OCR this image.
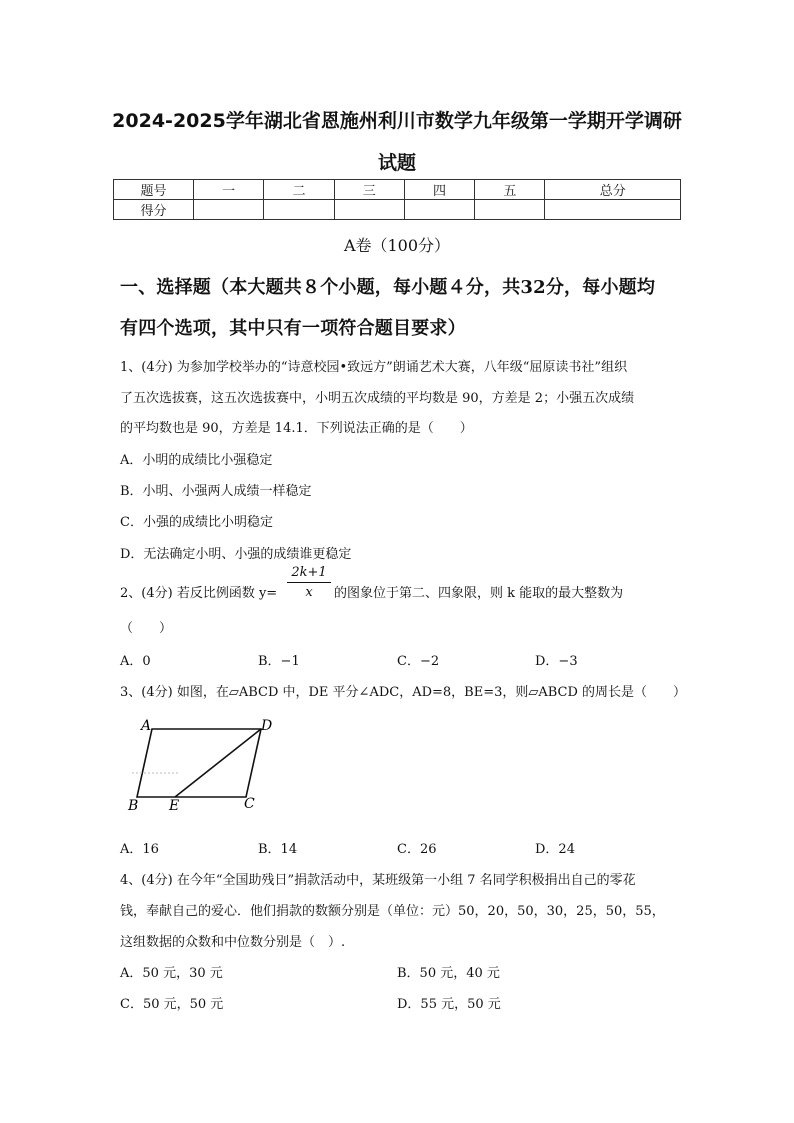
2024-2025学年湖北省恩施州利川市数学九年级第一学期开学调研
试题
题号	一	二	三	四	五	总分
得分						
A卷（100分）
一、选择题（本大题共８个小题，每小题４分，共32分，每小题均
有四个选项，其中只有一项符合题目要求）
1、(4分) 为参加学校举办的“诗意校园•致远方”朗诵艺术大赛，八年级“屈原读书社”组织
了五次选拔赛，这五次选拔赛中，小明五次成绩的平均数是 90，方差是 2；小强五次成绩
的平均数也是 90，方差是 14.1．下列说法正确的是（　　）
A．小明的成绩比小强稳定
B．小明、小强两人成绩一样稳定
C．小强的成绩比小明稳定
D．无法确定小明、小强的成绩谁更稳定
2、(4分) 若反比例函数 $y= \frac{2k+1}{x}$ 的图象位于第二、四象限，则 k 能取的最大整数为
（　　）
A．0	B．−1	C．−2	D．−3
3、(4分) 如图，在▱ABCD 中，DE 平分∠ADC，AD=8，BE=3，则▱ABCD 的周长是（　　）
A	D
B E	C
A．16	B．14	C．26	D．24
4、(4分) 在今年“全国助残日”捐款活动中，某班级第一小组 7 名同学积极捐出自己的零花
钱，奉献自己的爱心．他们捐款的数额分别是（单位：元）50，20，50，30，25，50，55，
这组数据的众数和中位数分别是（　）.
A．50 元，30 元	B．50 元，40 元
C．50 元，50 元	D．55 元，50 元
